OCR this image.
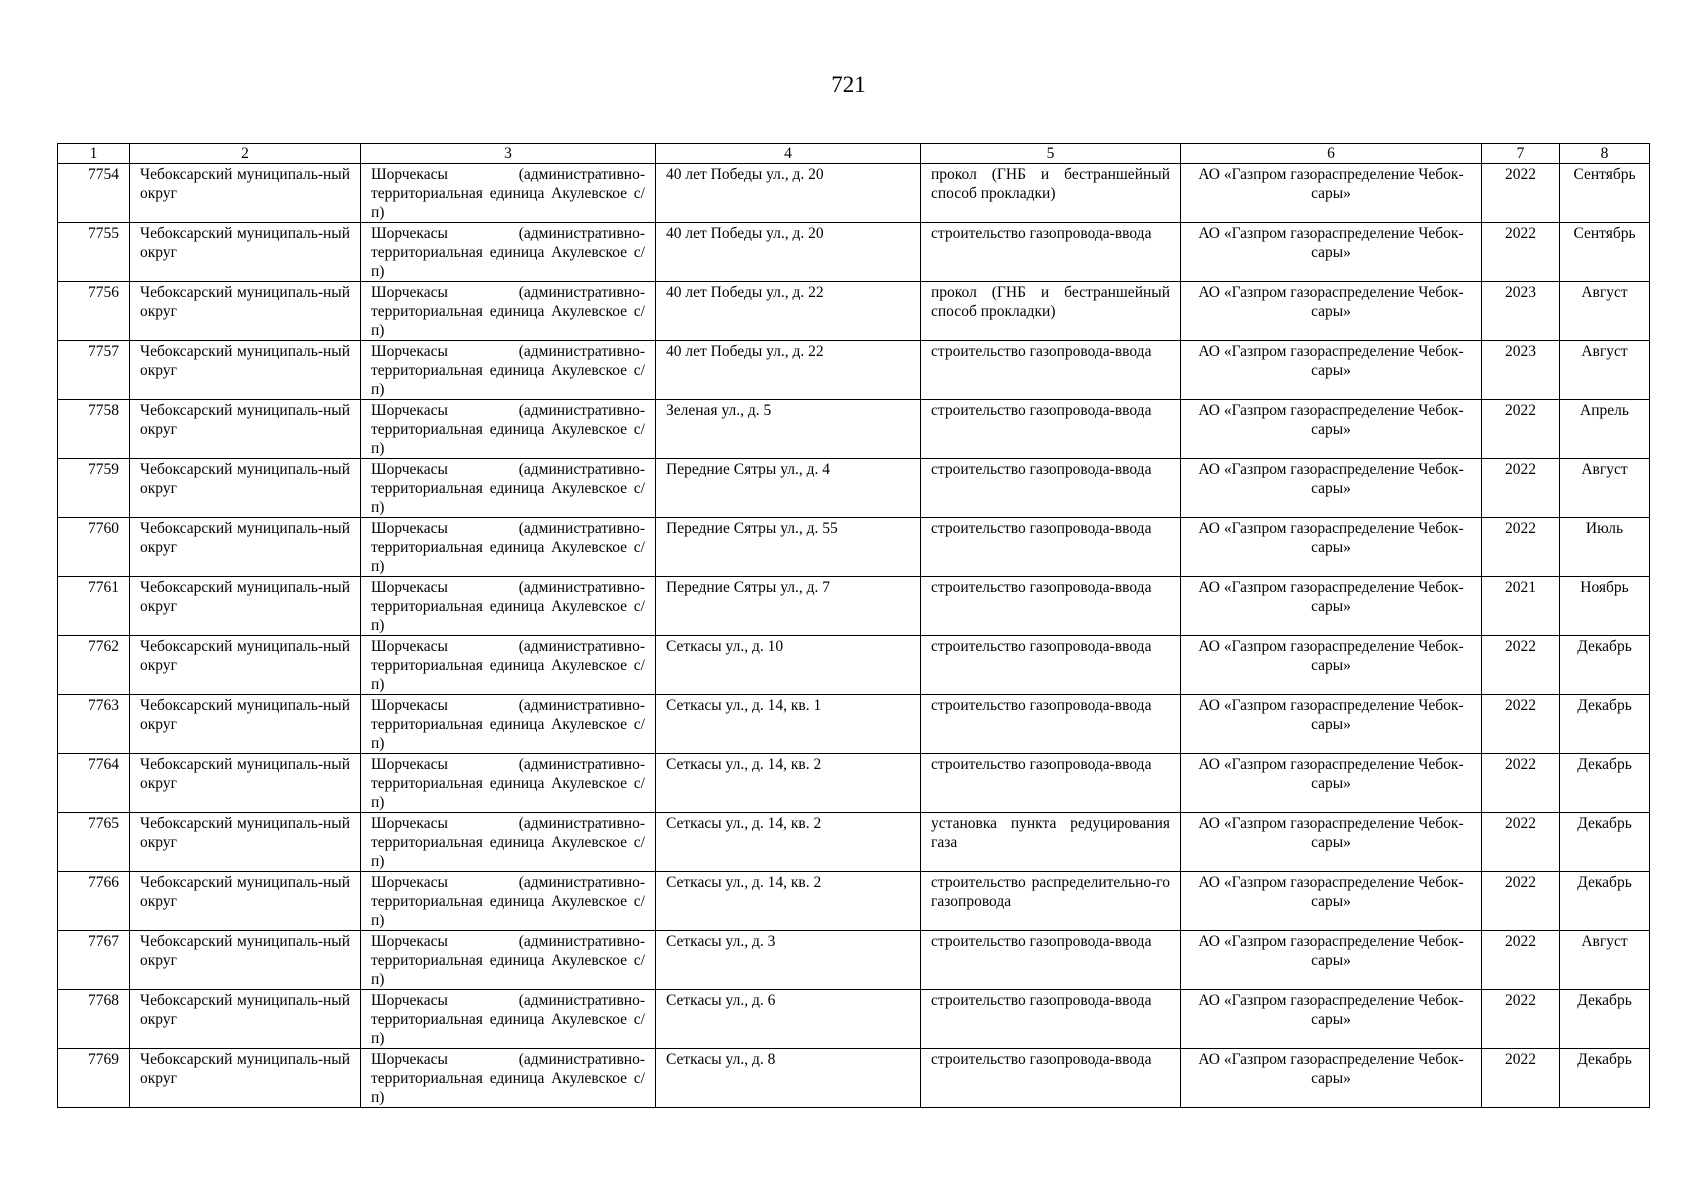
721
1	2	3	4	5	6	7	8
7754	Чебоксарский муниципаль-ный округ	Шорчекасы (административно-территориальная единица Акулевское с/п)	40 лет Победы ул., д. 20	прокол (ГНБ и бестраншейный способ прокладки)	АО «Газпром газораспределение Чебок-сары»	2022	Сентябрь
7755	Чебоксарский муниципаль-ный округ	Шорчекасы (административно-территориальная единица Акулевское с/п)	40 лет Победы ул., д. 20	строительство газопровода-ввода	АО «Газпром газораспределение Чебок-сары»	2022	Сентябрь
7756	Чебоксарский муниципаль-ный округ	Шорчекасы (административно-территориальная единица Акулевское с/п)	40 лет Победы ул., д. 22	прокол (ГНБ и бестраншейный способ прокладки)	АО «Газпром газораспределение Чебок-сары»	2023	Август
7757	Чебоксарский муниципаль-ный округ	Шорчекасы (административно-территориальная единица Акулевское с/п)	40 лет Победы ул., д. 22	строительство газопровода-ввода	АО «Газпром газораспределение Чебок-сары»	2023	Август
7758	Чебоксарский муниципаль-ный округ	Шорчекасы (административно-территориальная единица Акулевское с/п)	Зеленая ул., д. 5	строительство газопровода-ввода	АО «Газпром газораспределение Чебок-сары»	2022	Апрель
7759	Чебоксарский муниципаль-ный округ	Шорчекасы (административно-территориальная единица Акулевское с/п)	Передние Сятры ул., д. 4	строительство газопровода-ввода	АО «Газпром газораспределение Чебок-сары»	2022	Август
7760	Чебоксарский муниципаль-ный округ	Шорчекасы (административно-территориальная единица Акулевское с/п)	Передние Сятры ул., д. 55	строительство газопровода-ввода	АО «Газпром газораспределение Чебок-сары»	2022	Июль
7761	Чебоксарский муниципаль-ный округ	Шорчекасы (административно-территориальная единица Акулевское с/п)	Передние Сятры ул., д. 7	строительство газопровода-ввода	АО «Газпром газораспределение Чебок-сары»	2021	Ноябрь
7762	Чебоксарский муниципаль-ный округ	Шорчекасы (административно-территориальная единица Акулевское с/п)	Сеткасы ул., д. 10	строительство газопровода-ввода	АО «Газпром газораспределение Чебок-сары»	2022	Декабрь
7763	Чебоксарский муниципаль-ный округ	Шорчекасы (административно-территориальная единица Акулевское с/п)	Сеткасы ул., д. 14, кв. 1	строительство газопровода-ввода	АО «Газпром газораспределение Чебок-сары»	2022	Декабрь
7764	Чебоксарский муниципаль-ный округ	Шорчекасы (административно-территориальная единица Акулевское с/п)	Сеткасы ул., д. 14, кв. 2	строительство газопровода-ввода	АО «Газпром газораспределение Чебок-сары»	2022	Декабрь
7765	Чебоксарский муниципаль-ный округ	Шорчекасы (административно-территориальная единица Акулевское с/п)	Сеткасы ул., д. 14, кв. 2	установка пункта редуцирования газа	АО «Газпром газораспределение Чебок-сары»	2022	Декабрь
7766	Чебоксарский муниципаль-ный округ	Шорчекасы (административно-территориальная единица Акулевское с/п)	Сеткасы ул., д. 14, кв. 2	строительство распределительно-го газопровода	АО «Газпром газораспределение Чебок-сары»	2022	Декабрь
7767	Чебоксарский муниципаль-ный округ	Шорчекасы (административно-территориальная единица Акулевское с/п)	Сеткасы ул., д. 3	строительство газопровода-ввода	АО «Газпром газораспределение Чебок-сары»	2022	Август
7768	Чебоксарский муниципаль-ный округ	Шорчекасы (административно-территориальная единица Акулевское с/п)	Сеткасы ул., д. 6	строительство газопровода-ввода	АО «Газпром газораспределение Чебок-сары»	2022	Декабрь
7769	Чебоксарский муниципаль-ный округ	Шорчекасы (административно-территориальная единица Акулевское с/п)	Сеткасы ул., д. 8	строительство газопровода-ввода	АО «Газпром газораспределение Чебок-сары»	2022	Декабрь
